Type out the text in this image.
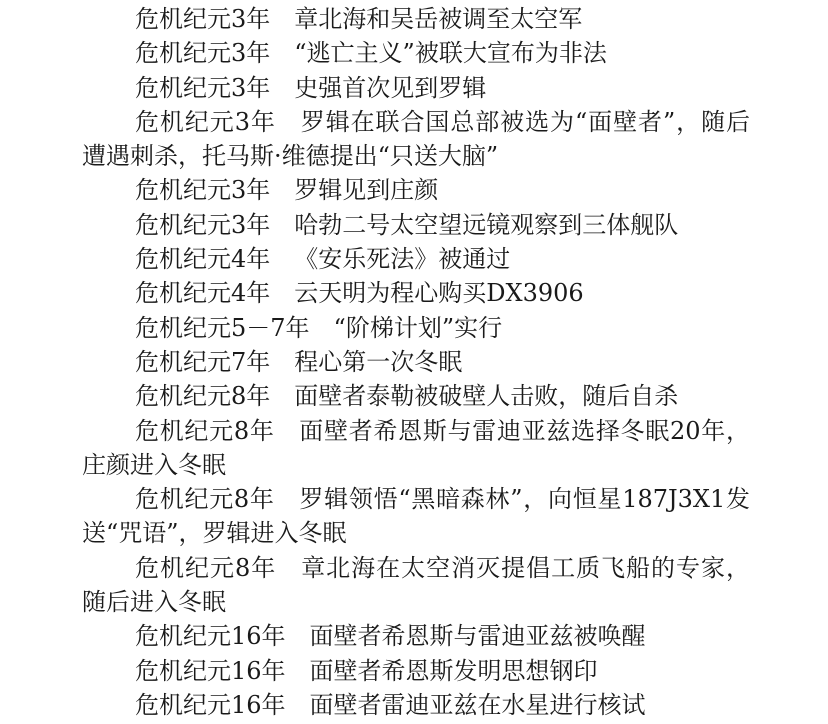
危机纪元3年 章北海和吴岳被调至太空军

危机纪元3年 “逃亡主义”被联大宣布为非法

危机纪元3年 史强首次见到罗辑

危机纪元3年 罗辑在联合国总部被选为“面壁者”，随后遭遇刺杀，托马斯·维德提出“只送大脑”

危机纪元3年 罗辑见到庄颜

危机纪元3年 哈勃二号太空望远镜观察到三体舰队

危机纪元4年 《安乐死法》被通过

危机纪元4年 云天明为程心购买DX3906

危机纪元5－7年 “阶梯计划”实行

危机纪元7年 程心第一次冬眠

危机纪元8年 面壁者泰勒被破壁人击败，随后自杀

危机纪元8年 面壁者希恩斯与雷迪亚兹选择冬眠20年，庄颜进入冬眠

危机纪元8年 罗辑领悟“黑暗森林”，向恒星187J3X1发送“咒语”，罗辑进入冬眠

危机纪元8年 章北海在太空消灭提倡工质飞船的专家，随后进入冬眠

危机纪元16年 面壁者希恩斯与雷迪亚兹被唤醒

危机纪元16年 面壁者希恩斯发明思想钢印

危机纪元16年 面壁者雷迪亚兹在水星进行核试
